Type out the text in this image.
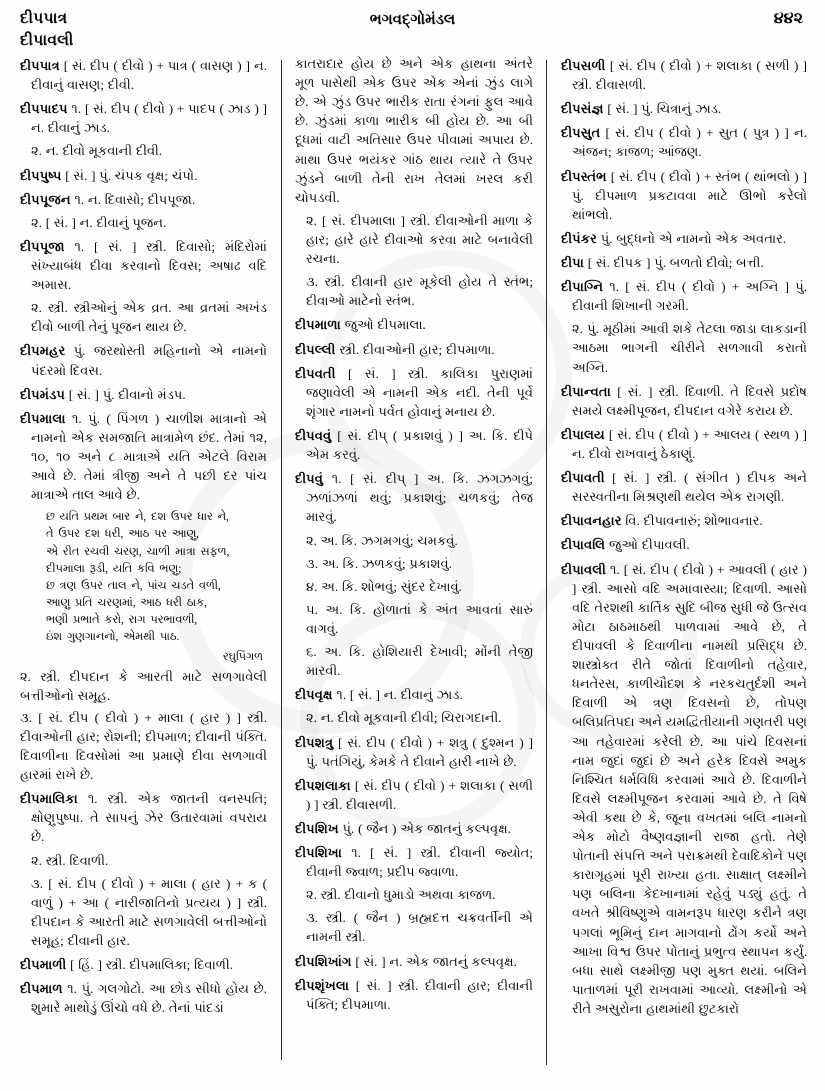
દીપપાત્ર
દીપાવલી
ભગવદ્ગોમંડલ	૪૪૨

દીપપાત્ર [ સં. દીપ ( દીવો ) + પાત્ર ( વાસણ ) ] ન. દીવાનું વાસણ; દીવી.

દીપપાદપ ૧. [ સં. દીપ ( દીવો ) + પાદપ ( ઝાડ ) ] ન. દીવાનું ઝાડ.

૨. ન. દીવો મૂકવાની દીવી.

દીપપુષ્પ [ સં. ] પું. ચંપક વૃક્ષ; ચંપો.

દીપપૂજન ૧. ન. દિવાસો; દીપપૂજા.

૨. [ સં. ] ન. દીવાનું પૂજન.

દીપપૂજા ૧. [ સં. ] સ્ત્રી. દિવાસો; મંદિરોમાં સંખ્યાબંધ દીવા કરવાનો દિવસ; અષાઢ વદિ અમાસ.

૨. સ્ત્રી. સ્ત્રીઓનું એક વ્રત. આ વ્રતમાં અખંડ દીવો બાળી તેનું પૂજન થાય છે.

દીપમહર પું. જરથોસ્તી મહિનાનો એ નામનો પંદરમો દિવસ.

દીપમંડપ [ સં. ] પું. દીવાનો મંડપ.

દીપમાલા ૧. પું. ( પિંગળ ) ચાળીશ માત્રાનો એ નામનો એક સમજાતિ માત્રામેળ છંદ. તેમાં ૧૨, ૧૦, ૧૦ અને ૮ માત્રાએ યતિ એટલે વિરામ આવે છે. તેમાં ત્રીજી અને તે પછી દર પાંચ માત્રાએ તાલ આવે છે.

છ યતિ પ્રથમ બાર ને, દશ ઉપર ધાર ને,
તે ઉપર દશ ધરી, આઠ પર આણુ,
એ રીત રચવી ચરણ, ચાળી માત્રા સફળ,
દીપમાલા રૂડી, યતિ કવિ ભણુ;
છ ત્રણ ઉપર તાલ ને, પાંચ ચડતે વળી,
આણુ પ્રતિ ચરણમાં, આઠ ધરી ઠાક,
ભણી પ્રભાતે કરો, રાગ પરભાવળી,
ઇંશ ગુણગાનનો, એમથી પાઠ.
રઘુપિંગળ

૨. સ્ત્રી. દીપદાન કે આરતી માટે સળગાવેલી બત્તીઓનો સમૂહ.

૩. [ સં. દીપ ( દીવો ) + માલા ( હાર ) ] સ્ત્રી. દીવાઓની હાર; રોશની; દીપમાળ; દીવાની પંક્તિ. દિવાળીના દિવસોમાં આ પ્રમાણે દીવા સળગાવી હારમાં રાખે છે.

દીપમાલિકા ૧. સ્ત્રી. એક જાતની વનસ્પતિ; ક્ષોણુપુષ્પા. તે સાપનું ઝેર ઉતારવામાં વપરાય છે.

૨. સ્ત્રી. દિવાળી.

૩. [ સં. દીપ ( દીવો ) + માલા ( હાર ) + ક ( વાળું ) + આ ( નારીજાતિનો પ્રત્યય ) ] સ્ત્રી. દીપદાન કે આરતી માટે સળગાવેલી બત્તીઓનો સમૂહ; દીવાની હાર.

દીપમાળી [ હિં. ] સ્ત્રી. દીપમાલિકા; દિવાળી.

દીપમાળ ૧. પું. ગલગોટો. આ છોડ સીધો હોય છે. શુમારે માથોડું ઊંચો વધે છે. તેનાં પાંદડાં

કાતરાદાર હોય છે અને એક હાથના અંતરે મૂળ પાસેથી એક ઉપર એક એનાં ઝુંડ લાગે છે. એ ઝુંડ ઉપર ભારીક રાતા રંગનાં ફુલ આવે છે. ઝુંડમાં કાળા ભારીક બી હોય છે. આ બી દૂધમાં વાટી અતિસાર ઉપર પીવામાં અપાય છે. માથા ઉપર ભયંકર ગાંઠ થાય ત્યારે તે ઉપર ઝુંડને બાળી તેની રાખ તેલમાં ખરલ કરી ચોપડવી.

૨. [ સં. દીપમાલા ] સ્ત્રી. દીવાઓની માળા કે હાર; હારે હારે દીવાઓ કરવા માટે બનાવેલી રચના.

૩. સ્ત્રી. દીવાની હાર મૂકેલી હોય તે સ્તંભ; દીવાઓ માટેનો સ્તંભ.

દીપમાળા જુઓ દીપમાલા.

દીપલ્લી સ્ત્રી. દીવાઓની હાર; દીપમાળા.

દીપવતી [ સં. ] સ્ત્રી. કાલિકા પુરાણમાં જણાવેલી એ નામની એક નદી. તેની પૂર્વે શૃંગાર નામનો પર્વત હોવાનું મનાય છે.

દીપવવું [ સં. દીપ્ ( પ્રકાશવું ) ] અ. કિ. દીપે એમ કરવું.

દીપવું ૧. [ સં. દીપ્ ] અ. કિ. ઝગઝગવું; ઝળાંઝળાં થવું; પ્રકાશવું; ચળકવું; તેજ મારવું.

૨. અ. કિ. ઝગમગવું; ચમકવું.

૩. અ. કિ. ઝળકવું; પ્રકાશવું.

૪. અ. કિ. શોભવું; સુંદર દેખાવું.

૫. અ. કિ. હોળાતાં કે અંત આવતાં સારું વાગવું.

૬. અ. કિ. હોશિયારી દેખાવી; મોંની તેજી મારવી.

દીપવૃક્ષ ૧. [ સં. ] ન. દીવાનું ઝાડ.

૨. ન. દીવો મૂકવાની દીવી; ચિરાગદાની.

દીપશત્રુ [ સં. દીપ ( દીવો ) + શત્રુ ( દુશ્મન ) ] પું. પતંગિયું, કેમકે તે દીવાને હારી નાખે છે.

દીપશલાકા [ સં. દીપ ( દીવો ) + શલાકા ( સળી ) ] સ્ત્રી. દીવાસળી.

દીપશિખ પું. ( જૈન ) એક જાતનું કલ્પવૃક્ષ.

દીપશિખા ૧. [ સં. ] સ્ત્રી. દીવાની જ્યોત; દીવાની જ્વાળ; પ્રદીપ જ્વાળા.

૨. સ્ત્રી. દીવાનો ધુમાડો અથવા કાજળ.

૩. સ્ત્રી. ( જૈન ) બ્રહ્મદત્ત ચક્રવર્તીની એ નામની સ્ત્રી.

દીપશિખાંગ [ સં. ] ન. એક જાતનું કલ્પવૃક્ષ.

દીપશૃંખલા [ સં. ] સ્ત્રી. દીવાની હાર; દીવાની પંક્તિ; દીપમાળા.

દીપસળી [ સં. દીપ ( દીવો ) + શલાકા ( સળી ) ] સ્ત્રી. દીવાસળી.

દીપસંજ્ઞ [ સં. ] પું. ચિત્રાનું ઝાડ.

દીપસુત [ સં. દીપ ( દીવો ) + સુત ( પુત્ર ) ] ન. અંજન; કાજળ; આંજણ.

દીપસ્તંભ [ સં. દીપ ( દીવો ) + સ્તંભ ( થાંભલો ) ] પું. દીપમાળ પ્રકટાવવા માટે ઊભો કરેલો થાંભલો.

દીપંકર પું. બુદ્ધનો એ નામનો એક અવતાર.

દીપા [ સં. દીપક ] પું. બળતો દીવો; બત્તી.

દીપાગ્નિ ૧. [ સં. દીપ ( દીવો ) + અગ્નિ ] પું. દીવાની શિખાની ગરમી.

૨. પું. મૂઠીમાં આવી શકે તેટલા જાડા લાકડાની આઠમા ભાગની ચીરીને સળગાવી કરાતો અગ્નિ.

દીપાન્વતા [ સં. ] સ્ત્રી. દિવાળી. તે દિવસે પ્રદોષ સમયે લક્ષ્મીપૂજન, દીપદાન વગેરે કરાય છે.

દીપાલય [ સં. દીપ ( દીવો ) + આલય ( સ્થળ ) ] ન. દીવો રાખવાનું ઠેકાણું.

દીપાવતી [ સં. ] સ્ત્રી. ( સંગીત ) દીપક અને સરસ્વતીના મિશ્રણથી થયેલ એક રાગણી.

દીપાવનહાર વિ. દીપાવનારું; શોભાવનાર.

દીપાવલિ જુઓ દીપાવલી.

દીપાવલી ૧. [ સં. દીપ ( દીવો ) + આવલી ( હાર ) ] સ્ત્રી. આસો વદિ અમાવાસ્યા; દિવાળી. આસો વદિ તેરશથી કાર્તિક સુદિ બીજ સુધી જે ઉત્સવ મોટા ઠાઠમાઠથી પાળવામાં આવે છે, તે દીપાવલી કે દિવાળીના નામથી પ્રસિદ્ધ છે. શાસ્ત્રોક્ત રીતે જોતાં દિવાળીનો તહેવાર, ધનતેરસ, કાળીચૌદશ કે નરકચતુર્દશી અને દિવાળી એ ત્રણ દિવસનો છે, તોપણ બલિપ્રતિપદા અને યમદ્વિતીયાની ગણતરી પણ આ તહેવારમાં કરેલી છે. આ પાંચે દિવસનાં નામ જુદાં જુદાં છે અને હરેક દિવસે અમુક નિશ્ચિત ધર્મવિધિ કરવામાં આવે છે. દિવાળીને દિવસે લક્ષ્મીપૂજન કરવામાં આવે છે. તે વિષે એવી કથા છે કે, જૂના વખતમાં બલિ નામનો એક મોટો વૈષ્ણવજ્ઞાની રાજા હતો. તેણે પોતાની સંપત્તિ અને પરાક્રમથી દેવાદિકોને પણ કારાગૃહમાં પૂરી રાખ્યા હતા. સાક્ષાત્ લક્ષ્મીને પણ બલિના કેદખાનામાં રહેવું પડ્યું હતું. તે વખતે શ્રીવિષ્ણુએ વામનરૂપ ધારણ કરીને ત્રણ પગલાં ભૂમિનું દાન માગવાનો ઢોંગ કર્યો અને આખા વિશ્વ ઉપર પોતાનું પ્રભુત્વ સ્થાપન કર્યું. બધા સાથે લક્ષ્મીજી પણ મુક્ત થયાં. બલિને પાતાળમાં પૂરી રાખવામાં આવ્યો. લક્ષ્મીનો એ રીતે અસુરોના હાથમાંથી છુટકારો
